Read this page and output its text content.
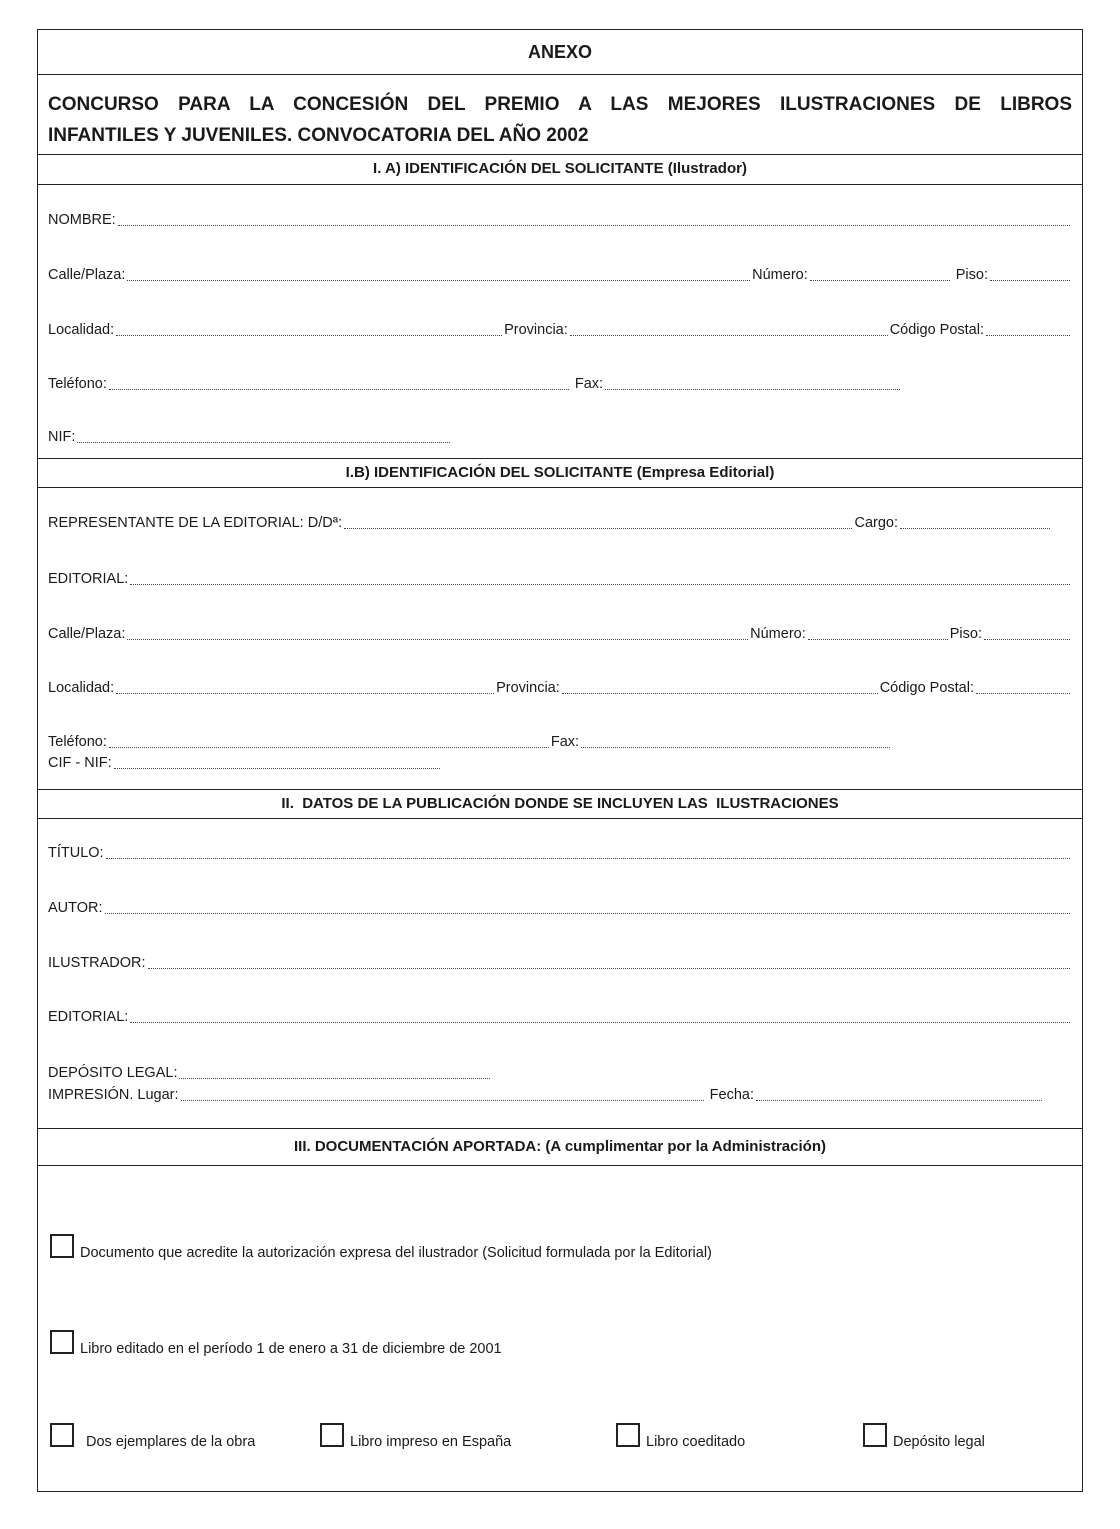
ANEXO
CONCURSO PARA LA CONCESIÓN DEL PREMIO A LAS MEJORES ILUSTRACIONES DE LIBROS
INFANTILES Y JUVENILES. CONVOCATORIA DEL AÑO 2002
I. A) IDENTIFICACIÓN DEL SOLICITANTE (Ilustrador)
NOMBRE:
Calle/Plaza:	Número:	Piso:
Localidad:	Provincia:	Código Postal:
Teléfono:	Fax:
NIF:
I.B) IDENTIFICACIÓN DEL SOLICITANTE (Empresa Editorial)
REPRESENTANTE DE LA EDITORIAL: D/Dª:	Cargo:
EDITORIAL:
Calle/Plaza:	Número:	Piso:
Localidad:	Provincia:	Código Postal:
Teléfono:	Fax:
CIF - NIF:
II.  DATOS DE LA PUBLICACIÓN DONDE SE INCLUYEN LAS  ILUSTRACIONES
TÍTULO:
AUTOR:
ILUSTRADOR:
EDITORIAL:
DEPÓSITO LEGAL:
IMPRESIÓN. Lugar:	Fecha:
III. DOCUMENTACIÓN APORTADA: (A cumplimentar por la Administración)
Documento que acredite la autorización expresa del ilustrador (Solicitud formulada por la Editorial)
Libro editado en el período 1 de enero a 31 de diciembre de 2001
Dos ejemplares de la obra	Libro impreso en España	Libro coeditado	Depósito legal
